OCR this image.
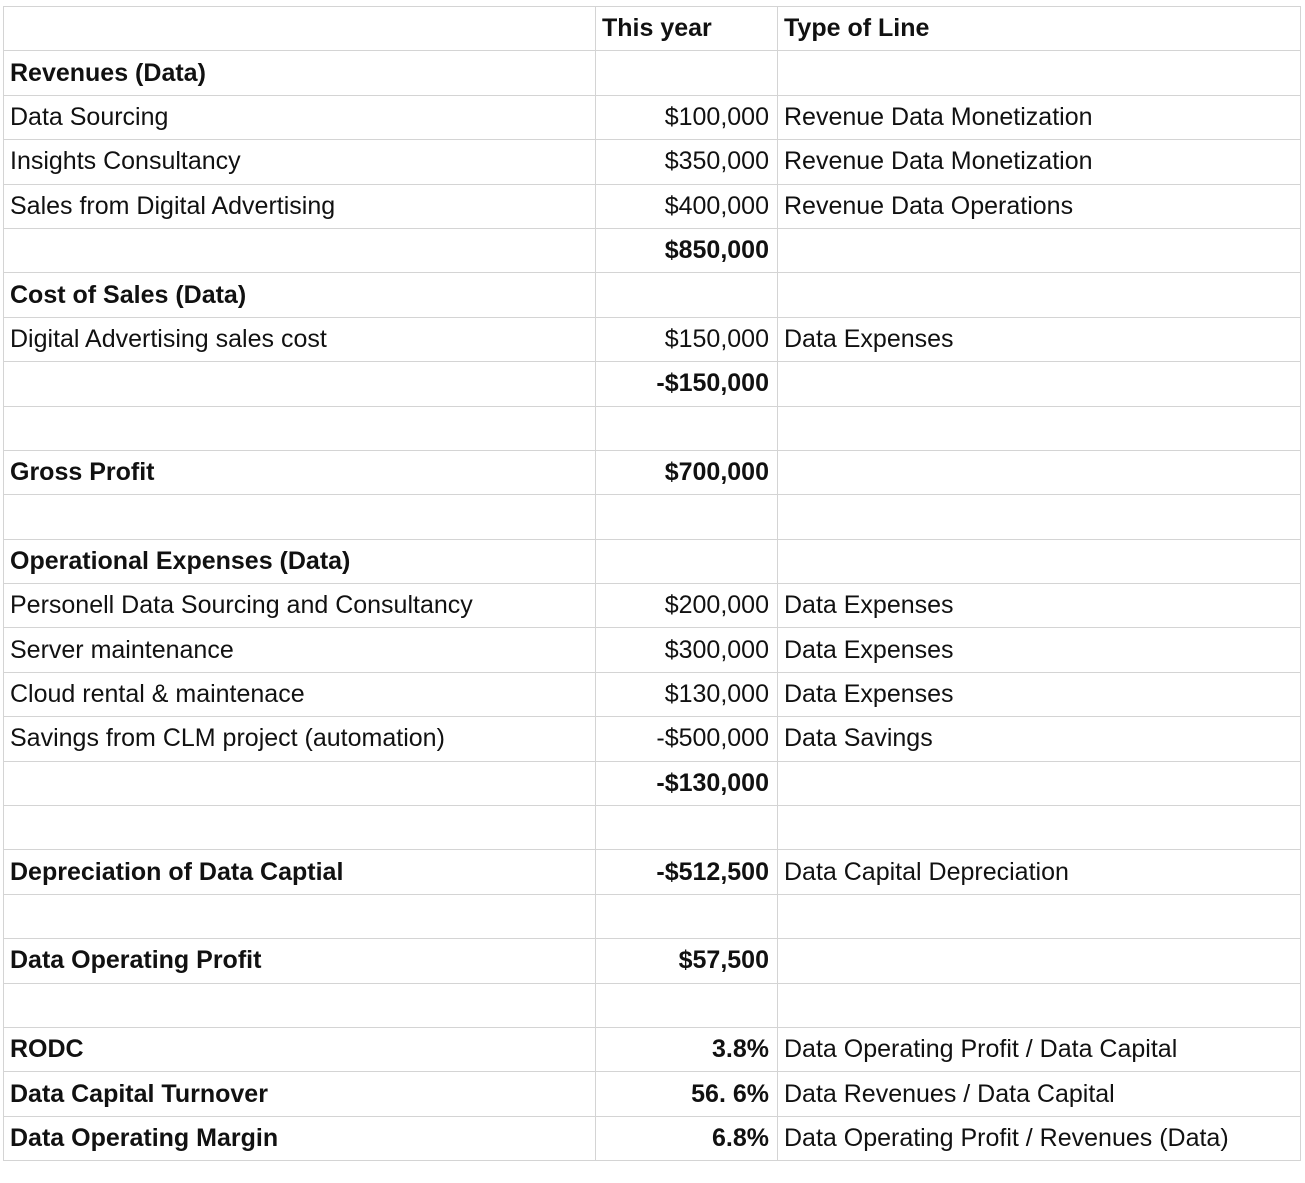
	This year	Type of Line
Revenues (Data)		
Data Sourcing	$100,000	Revenue Data Monetization
Insights Consultancy	$350,000	Revenue Data Monetization
Sales from Digital Advertising	$400,000	Revenue Data Operations
	$850,000	
Cost of Sales (Data)		
Digital Advertising sales cost	$150,000	Data Expenses
	-$150,000	

Gross Profit	$700,000	

Operational Expenses (Data)		
Personell Data Sourcing and Consultancy	$200,000	Data Expenses
Server maintenance	$300,000	Data Expenses
Cloud rental & maintenace	$130,000	Data Expenses
Savings from CLM project (automation)	-$500,000	Data Savings
	-$130,000	

Depreciation of Data Captial	-$512,500	Data Capital Depreciation

Data Operating Profit	$57,500	

RODC	3.8%	Data Operating Profit / Data Capital
Data Capital Turnover	56. 6%	Data Revenues / Data Capital
Data Operating Margin	6.8%	Data Operating Profit / Revenues (Data)
